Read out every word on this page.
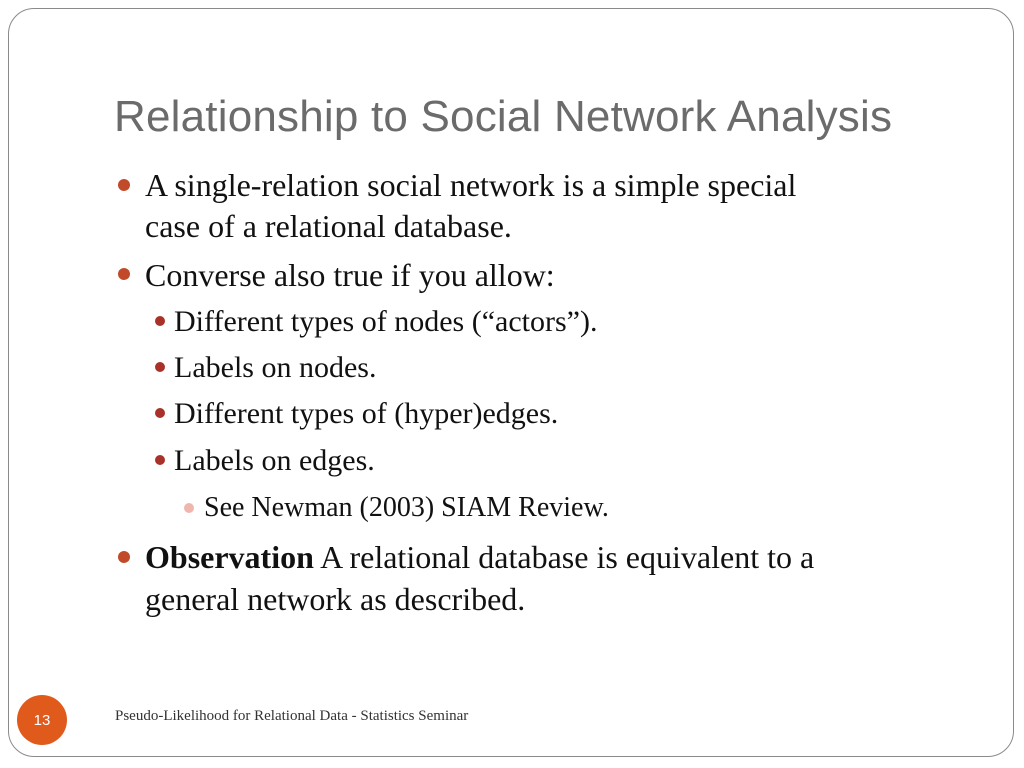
Relationship to Social Network Analysis
A single-relation social network is a simple special
case of a relational database.
Converse also true if you allow:
Different types of nodes (“actors”).
Labels on nodes.
Different types of (hyper)edges.
Labels on edges.
See Newman (2003) SIAM Review.
Observation A relational database is equivalent to a
general network as described.
13	Pseudo-Likelihood for Relational Data - Statistics Seminar
